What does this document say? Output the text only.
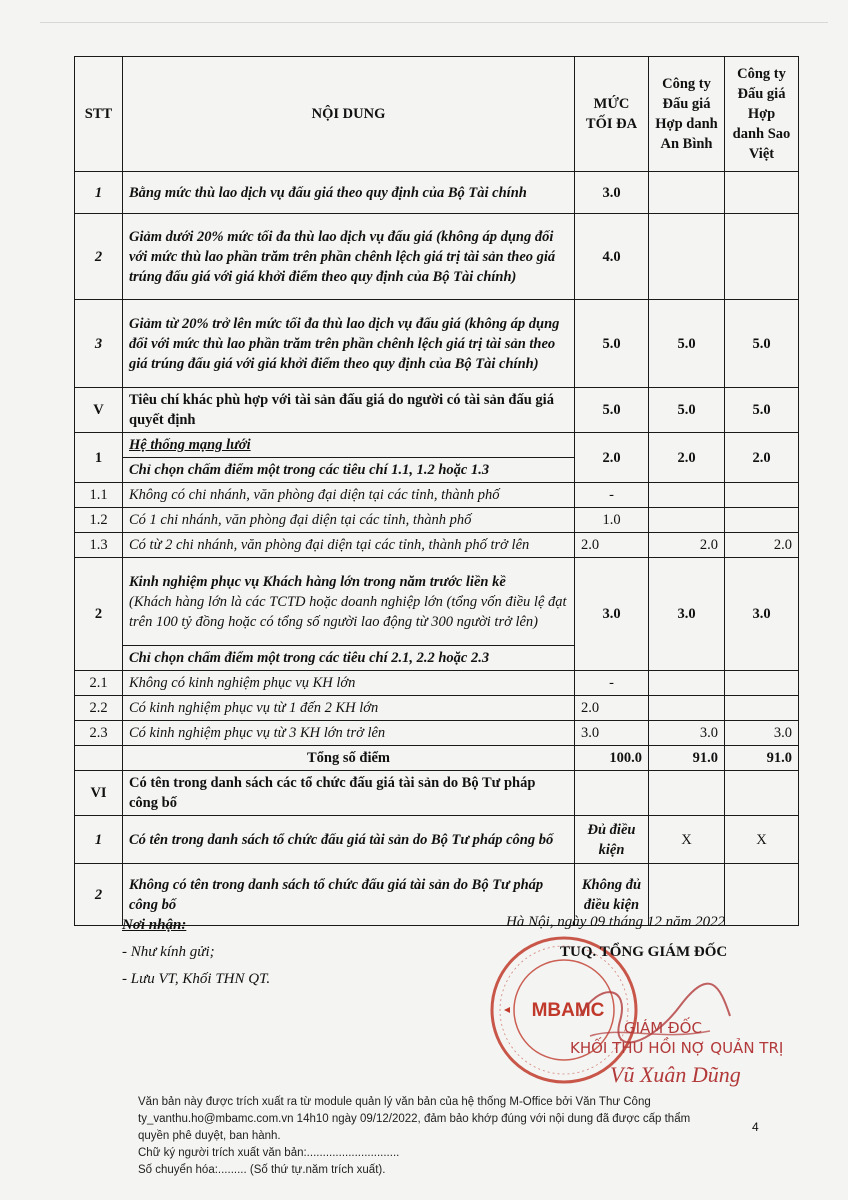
STT	NỘI DUNG	MỨC TỐI ĐA	Công ty Đấu giá Hợp danh An Bình	Công ty Đấu giá Hợp danh Sao Việt
1	Bằng mức thù lao dịch vụ đấu giá theo quy định của Bộ Tài chính	3.0		
2	Giảm dưới 20% mức tối đa thù lao dịch vụ đấu giá (không áp dụng đối với mức thù lao phần trăm trên phần chênh lệch giá trị tài sản theo giá trúng đấu giá với giá khởi điểm theo quy định của Bộ Tài chính)	4.0		
3	Giảm từ 20% trở lên mức tối đa thù lao dịch vụ đấu giá (không áp dụng đối với mức thù lao phần trăm trên phần chênh lệch giá trị tài sản theo giá trúng đấu giá với giá khởi điểm theo quy định của Bộ Tài chính)	5.0	5.0	5.0
V	Tiêu chí khác phù hợp với tài sản đấu giá do người có tài sản đấu giá quyết định	5.0	5.0	5.0
1	Hệ thống mạng lưới	2.0	2.0	2.0
	Chỉ chọn chấm điểm một trong các tiêu chí 1.1, 1.2 hoặc 1.3			
1.1	Không có chi nhánh, văn phòng đại diện tại các tỉnh, thành phố	-		
1.2	Có 1 chi nhánh, văn phòng đại diện tại các tỉnh, thành phố	1.0		
1.3	Có từ 2 chi nhánh, văn phòng đại diện tại các tỉnh, thành phố trở lên	2.0	2.0	2.0
2	Kinh nghiệm phục vụ Khách hàng lớn trong năm trước liền kề
(Khách hàng lớn là các TCTD hoặc doanh nghiệp lớn (tổng vốn điều lệ đạt trên 100 tỷ đồng hoặc có tổng số người lao động từ 300 người trở lên)	3.0	3.0	3.0
	Chỉ chọn chấm điểm một trong các tiêu chí 2.1, 2.2 hoặc 2.3			
2.1	Không có kinh nghiệm phục vụ KH lớn	-		
2.2	Có kinh nghiệm phục vụ từ 1 đến 2 KH lớn	2.0		
2.3	Có kinh nghiệm phục vụ từ 3 KH lớn trở lên	3.0	3.0	3.0
	Tổng số điểm	100.0	91.0	91.0
VI	Có tên trong danh sách các tổ chức đấu giá tài sản do Bộ Tư pháp công bố			
1	Có tên trong danh sách tổ chức đấu giá tài sản do Bộ Tư pháp công bố	Đủ điều kiện	X	X
2	Không có tên trong danh sách tổ chức đấu giá tài sản do Bộ Tư pháp công bố	Không đủ điều kiện		
Nơi nhận:
- Như kính gửi;
- Lưu VT, Khối THN QT.
Hà Nội, ngày 09 tháng 12 năm 2022
MBAMC
TUQ. TỔNG GIÁM ĐỐC
GIÁM ĐỐC
KHỐI THU HỒI NỢ QUẢN TRỊ
Vũ Xuân Dũng
Văn bản này được trích xuất ra từ module quản lý văn bản của hệ thống M-Office bởi Văn Thư Công
ty_vanthu.ho@mbamc.com.vn 14h10 ngày 09/12/2022, đảm bảo khớp đúng với nội dung đã được cấp thẩm
quyền phê duyệt, ban hành.
Chữ ký người trích xuất văn bản:.............................
Số chuyển hóa:......... (Số thứ tự.năm trích xuất).
4
